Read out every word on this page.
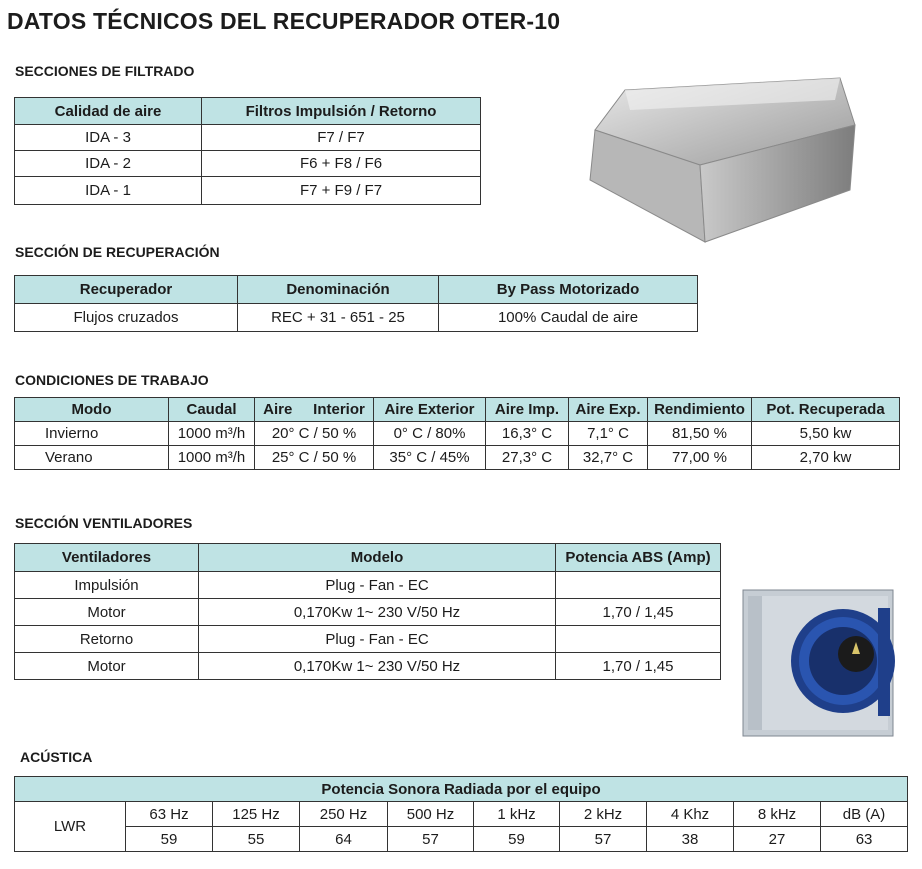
DATOS TÉCNICOS DEL RECUPERADOR OTER-10
SECCIONES DE FILTRADO
Calidad de aire	Filtros Impulsión / Retorno
IDA - 3	F7 / F7
IDA - 2	F6 + F8 / F6
IDA - 1	F7 + F9 / F7
SECCIÓN DE RECUPERACIÓN
Recuperador	Denominación	By Pass Motorizado
Flujos cruzados	REC + 31 - 651 - 25	100% Caudal de aire
CONDICIONES DE TRABAJO
Modo	Caudal	Aire     Interior	Aire Exterior	Aire Imp.	Aire Exp.	Rendimiento	Pot. Recuperada
Invierno	1000 m³/h	20° C / 50 %	0° C / 80%	16,3° C	7,1° C	81,50 %	5,50 kw
Verano	1000 m³/h	25° C / 50 %	35° C / 45%	27,3° C	32,7° C	77,00 %	2,70 kw
SECCIÓN VENTILADORES
Ventiladores	Modelo	Potencia ABS (Amp)
Impulsión	Plug - Fan - EC	
Motor	0,170Kw 1~ 230 V/50 Hz	1,70 / 1,45
Retorno	Plug - Fan - EC	
Motor	0,170Kw 1~ 230 V/50 Hz	1,70 / 1,45
ACÚSTICA
Potencia Sonora Radiada por el equipo									
LWR	63 Hz	125 Hz	250 Hz	500 Hz	1 kHz	2 kHz	4 Khz	8 kHz	dB (A)
	59	55	64	57	59	57	38	27	63
